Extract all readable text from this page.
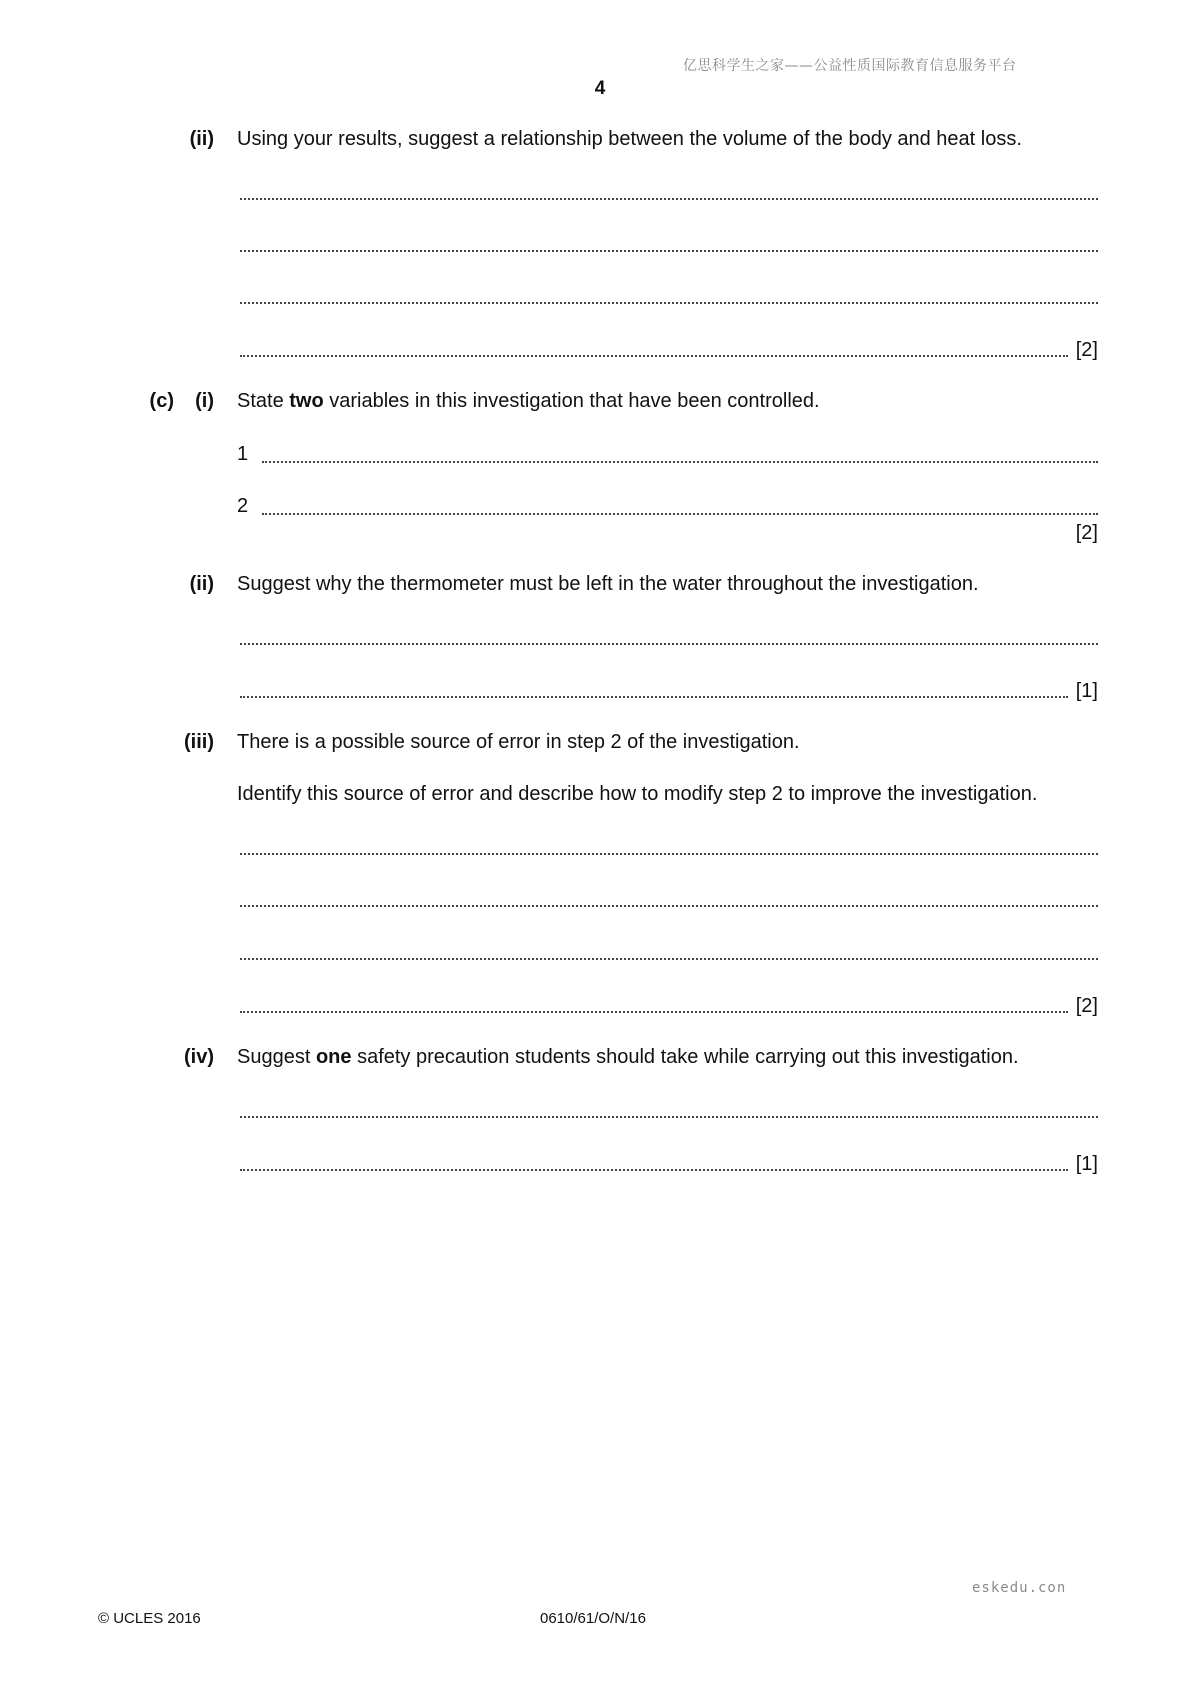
亿思科学生之家——公益性质国际教育信息服务平台
4
(ii) Using your results, suggest a relationship between the volume of the body and heat loss.
[2]
(c)	(i) State two variables in this investigation that have been controlled.
1
2
[2]
(ii) Suggest why the thermometer must be left in the water throughout the investigation.
[1]
(iii) There is a possible source of error in step 2 of the investigation.
Identify this source of error and describe how to modify step 2 to improve the investigation.
[2]
(iv) Suggest one safety precaution students should take while carrying out this investigation.
[1]
eskedu.con
© UCLES 2016	0610/61/O/N/16
